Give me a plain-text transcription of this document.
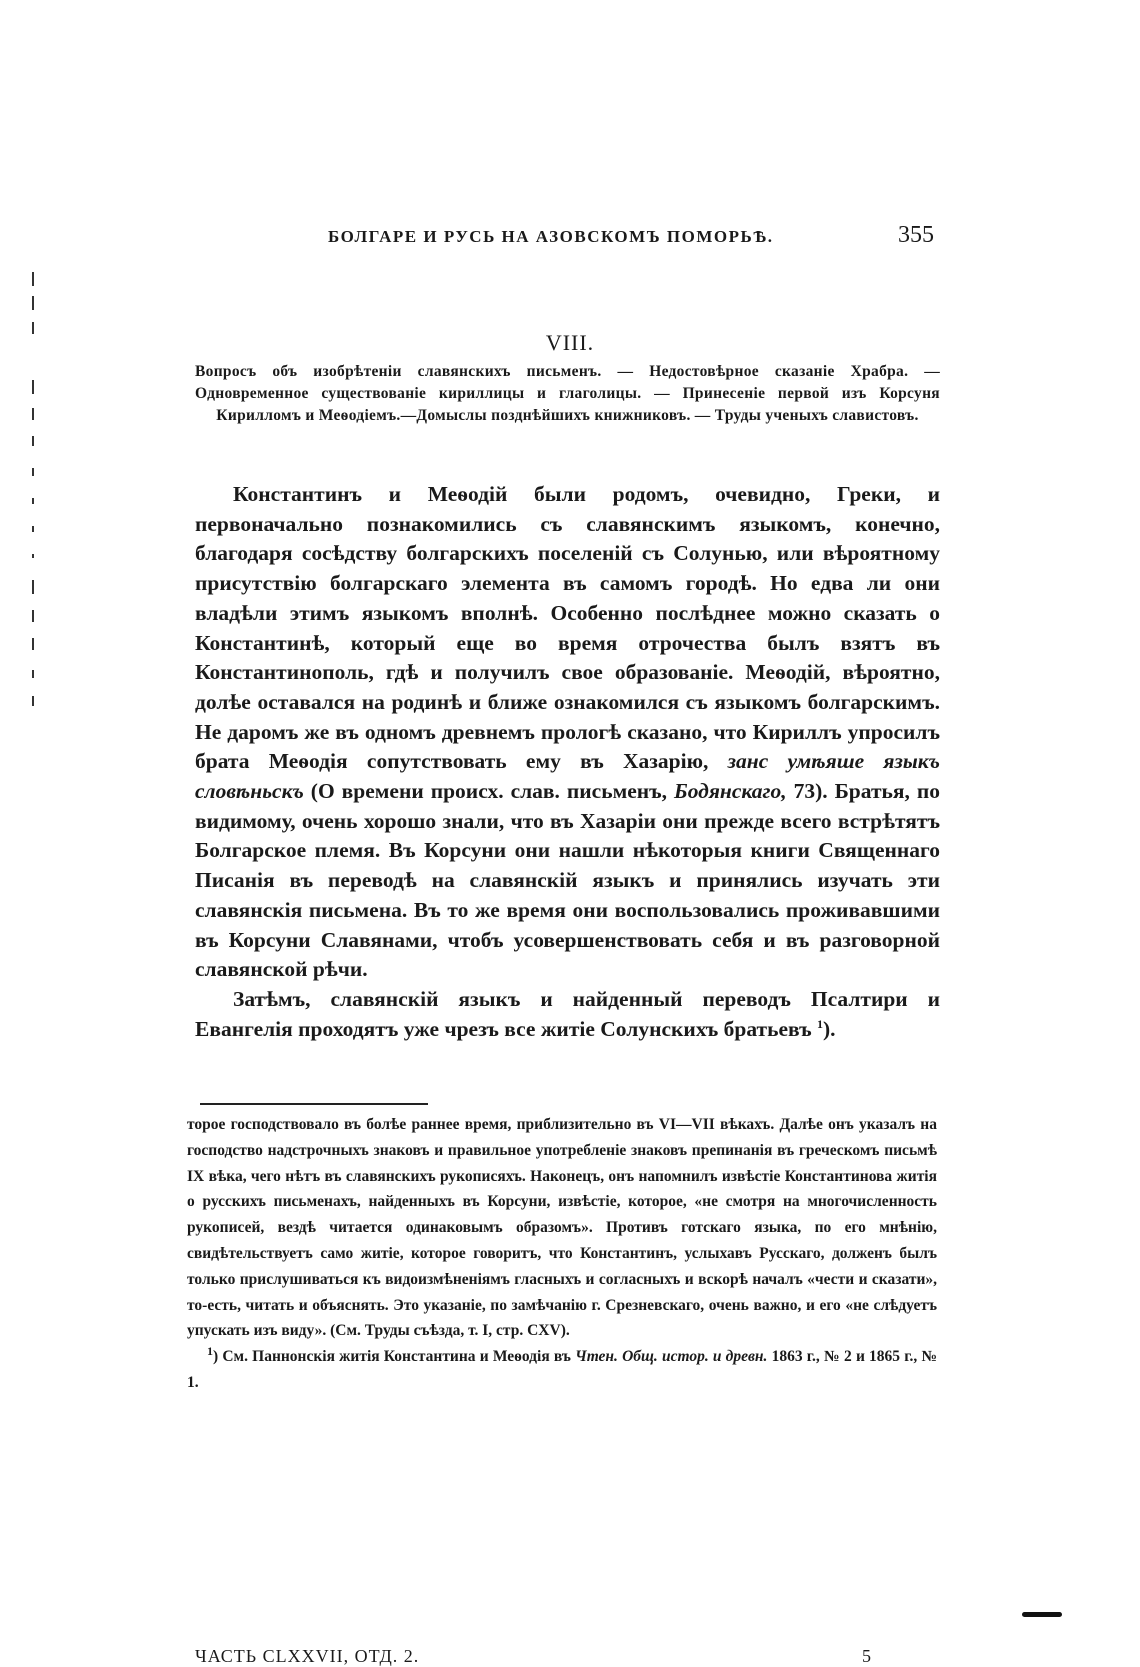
БОЛГАРЕ И РУСЬ НА АЗОВСКОМЪ ПОМОРЬѢ.	355
VIII.
Вопросъ объ изобрѣтеніи славянскихъ письменъ. — Недостовѣрное сказаніе Храбра. — Одновременное существованіе кириллицы и глаголицы. — Принесеніе первой изъ Корсуня Кирилломъ и Меѳодіемъ.—Домыслы позднѣйшихъ книжниковъ. — Труды ученыхъ славистовъ.

Константинъ и Меѳодій были родомъ, очевидно, Греки, и первоначально познакомились съ славянскимъ языкомъ, конечно, благодаря сосѣдству болгарскихъ поселеній съ Солунью, или вѣроятному присутствію болгарскаго элемента въ самомъ городѣ. Но едва ли они владѣли этимъ языкомъ вполнѣ. Особенно послѣднее можно сказать о Константинѣ, который еще во время отрочества былъ взятъ въ Константинополь, гдѣ и получилъ свое образованіе. Меѳодій, вѣроятно, долѣе оставался на родинѣ и ближе ознакомился съ языкомъ болгарскимъ. Не даромъ же въ одномъ древнемъ прологѣ сказано, что Кириллъ упросилъ брата Меѳодія сопутствовать ему въ Хазарію, занс умѣяше языкъ словѣньскъ (О времени происх. слав. письменъ, Бодянскаго, 73). Братья, по видимому, очень хорошо знали, что въ Хазаріи они прежде всего встрѣтятъ Болгарское племя. Въ Корсуни они нашли нѣкоторыя книги Священнаго Писанія въ переводѣ на славянскій языкъ и принялись изучать эти славянскія письмена. Въ то же время они воспользовались проживавшими въ Корсуни Славянами, чтобъ усовершенствовать себя и въ разговорной славянской рѣчи.

Затѣмъ, славянскій языкъ и найденный переводъ Псалтири и Евангелія проходятъ уже чрезъ все житіе Солунскихъ братьевъ $^1$).

торое господствовало въ болѣе раннее время, приблизительно въ VI—VII вѣкахъ. Далѣе онъ указалъ на господство надстрочныхъ знаковъ и правильное употребленіе знаковъ препинанія въ греческомъ письмѣ IX вѣка, чего нѣтъ въ славянскихъ рукописяхъ. Наконецъ, онъ напомнилъ извѣстіе Константинова житія о русскихъ письменахъ, найденныхъ въ Корсуни, извѣстіе, которое, «не смотря на многочисленность рукописей, вездѣ читается одинаковымъ образомъ». Противъ готскаго языка, по его мнѣнію, свидѣтельствуетъ само житіе, которое говоритъ, что Константинъ, услыхавъ Русскаго, долженъ былъ только прислушиваться къ видоизмѣненіямъ гласныхъ и согласныхъ и вскорѣ началъ «чести и сказати», то-есть, читать и объяснять. Это указаніе, по замѣчанію г. Срезневскаго, очень важно, и его «не слѣдуетъ упускать изъ виду». (См. Труды съѣзда, т. I, стр. CXV).

$^1$) См. Паннонскія житія Константина и Меѳодія въ Чтен. Общ. истор. и древн. 1863 г., № 2 и 1865 г., № 1.

ЧАСТЬ CLXXVII, ОТД. 2.	5
